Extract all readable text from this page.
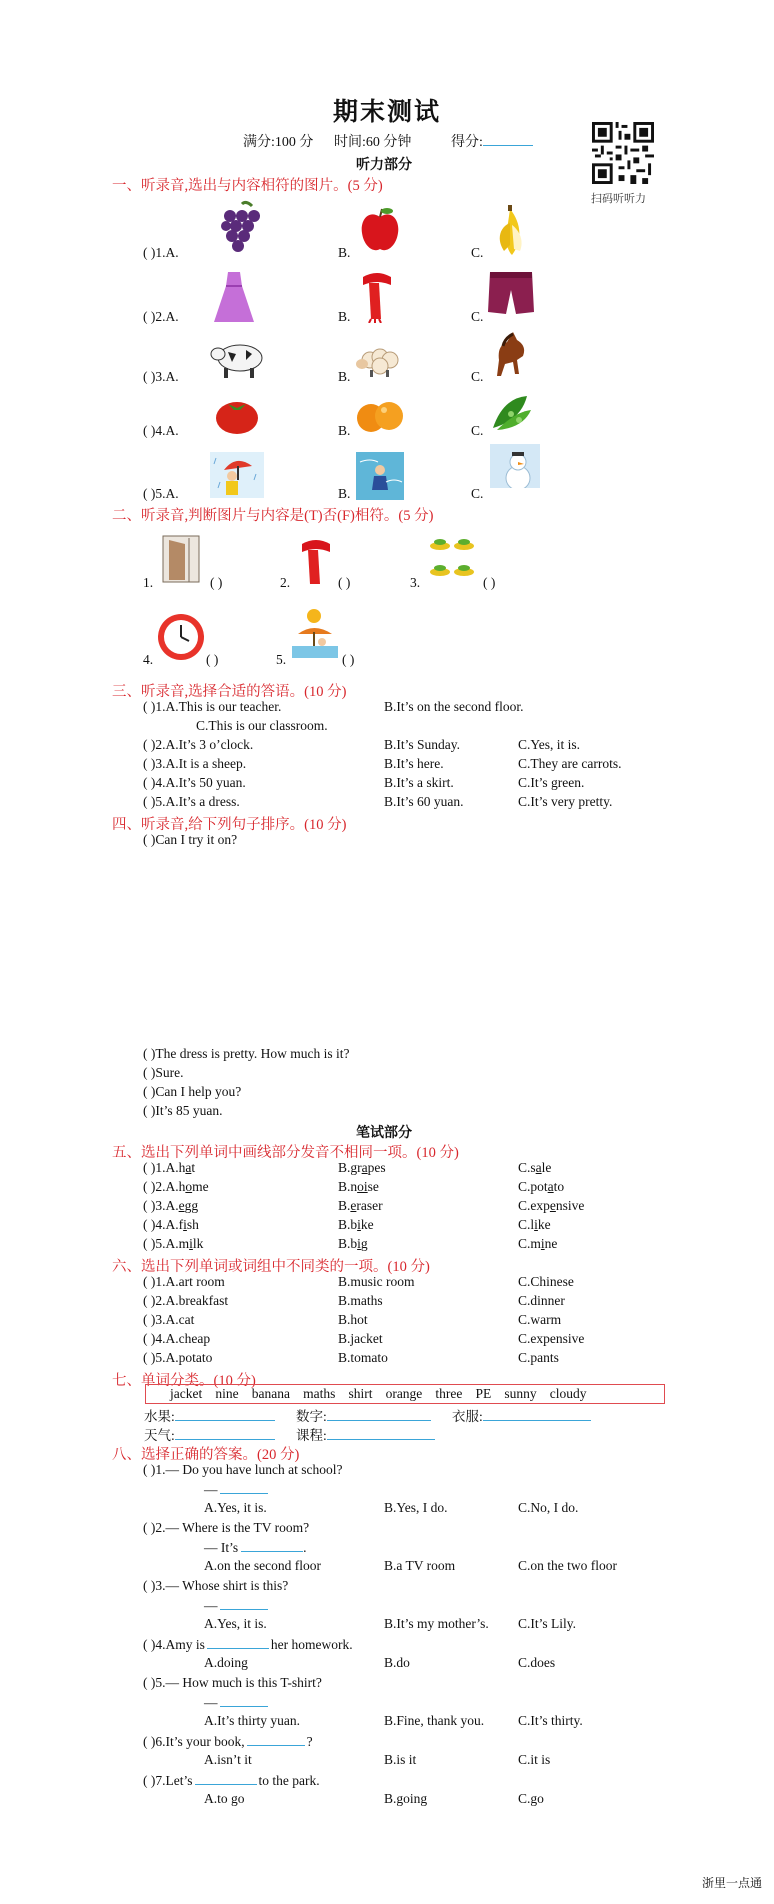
期末测试
满分:100 分 时间:60 分钟	得分:
扫码听听力
听力部分
一、听录音,选出与内容相符的图片。(5 分)
( )1.A.	B.	C.
( )2.A.	B.	C.
( )3.A.	B.	C.
( )4.A.	B.	C.
( )5.A.	B.	C.
二、听录音,判断图片与内容是(T)否(F)相符。(5 分)
1.	( )	2.	( )	3.	( )
4.	( )	5.	( )
三、听录音,选择合适的答语。(10 分)
( )1.A.This is our teacher.	B.It’s on the second floor.
C.This is our classroom.
( )2.A.It’s 3 o’clock.	B.It’s Sunday.	C.Yes, it is.
( )3.A.It is a sheep.	B.It’s here.	C.They are carrots.
( )4.A.It’s 50 yuan.	B.It’s a skirt.	C.It’s green.
( )5.A.It’s a dress.	B.It’s 60 yuan.	C.It’s very pretty.
四、听录音,给下列句子排序。(10 分)
( )Can I try it on?
( )The dress is pretty. How much is it?
( )Sure.
( )Can I help you?
( )It’s 85 yuan.
笔试部分
五、选出下列单词中画线部分发音不相同一项。(10 分)
( )1.A.hat	B.grapes	C.sale
( )2.A.home	B.noise	C.potato
( )3.A.egg	B.eraser	C.expensive
( )4.A.fish	B.bike	C.like
( )5.A.milk	B.big	C.mine
六、选出下列单词或词组中不同类的一项。(10 分)
( )1.A.art room	B.music room	C.Chinese
( )2.A.breakfast	B.maths	C.dinner
( )3.A.cat	B.hot	C.warm
( )4.A.cheap	B.jacket	C.expensive
( )5.A.potato	B.tomato	C.pants
七、单词分类。(10 分)
jacket   nine   banana   maths   shirt   orange   three   PE   sunny   cloudy
水果:	数字:	衣服:
天气:	课程:
八、选择正确的答案。(20 分)
( )1.— Do you have lunch at school?
—
A.Yes, it is.	B.Yes, I do.	C.No, I do.
( )2.— Where is the TV room?
— It’s	.
A.on the second floor	B.a TV room	C.on the two floor
( )3.— Whose shirt is this?
—
A.Yes, it is.	B.It’s my mother’s. C.It’s Lily.
( )4.Amy is	her homework.
A.doing	B.do	C.does
( )5.— How much is this T-shirt?
—
A.It’s thirty yuan.	B.Fine, thank you.	C.It’s thirty.
( )6.It’s your book,	?
A.isn’t it	B.is it	C.it is
( )7.Let’s	to the park.
A.to go	B.going	C.go
浙里一点通
